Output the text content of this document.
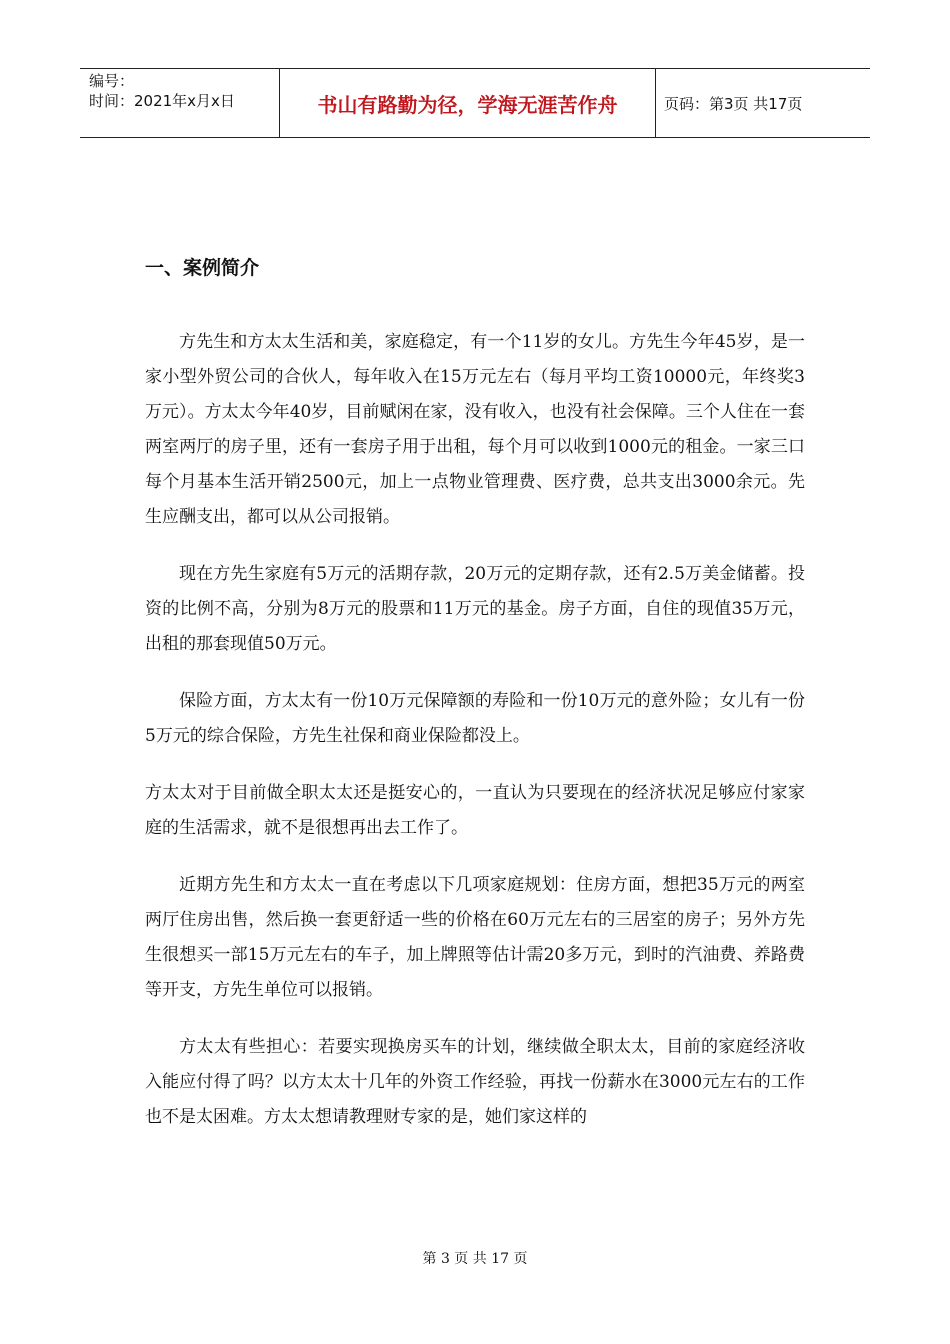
编号：
时间：2021年x月x日	书山有路勤为径，学海无涯苦作舟	页码：第3页 共17页
一、案例简介

方先生和方太太生活和美，家庭稳定，有一个11岁的女儿。方先生今年45岁，是一家小型外贸公司的合伙人，每年收入在15万元左右（每月平均工资10000元，年终奖3万元）。方太太今年40岁，目前赋闲在家，没有收入，也没有社会保障。三个人住在一套两室两厅的房子里，还有一套房子用于出租，每个月可以收到1000元的租金。一家三口每个月基本生活开销2500元，加上一点物业管理费、医疗费，总共支出3000余元。先生应酬支出，都可以从公司报销。

现在方先生家庭有5万元的活期存款，20万元的定期存款，还有2.5万美金储蓄。投资的比例不高，分别为8万元的股票和11万元的基金。房子方面，自住的现值35万元，出租的那套现值50万元。

保险方面，方太太有一份10万元保障额的寿险和一份10万元的意外险；女儿有一份5万元的综合保险，方先生社保和商业保险都没上。

方太太对于目前做全职太太还是挺安心的，一直认为只要现在的经济状况足够应付家家庭的生活需求，就不是很想再出去工作了。

近期方先生和方太太一直在考虑以下几项家庭规划：住房方面，想把35万元的两室两厅住房出售，然后换一套更舒适一些的价格在60万元左右的三居室的房子；另外方先生很想买一部15万元左右的车子，加上牌照等估计需20多万元，到时的汽油费、养路费等开支，方先生单位可以报销。

方太太有些担心：若要实现换房买车的计划，继续做全职太太，目前的家庭经济收入能应付得了吗？以方太太十几年的外资工作经验，再找一份薪水在3000元左右的工作也不是太困难。方太太想请教理财专家的是，她们家这样的

第 3 页 共 17 页
